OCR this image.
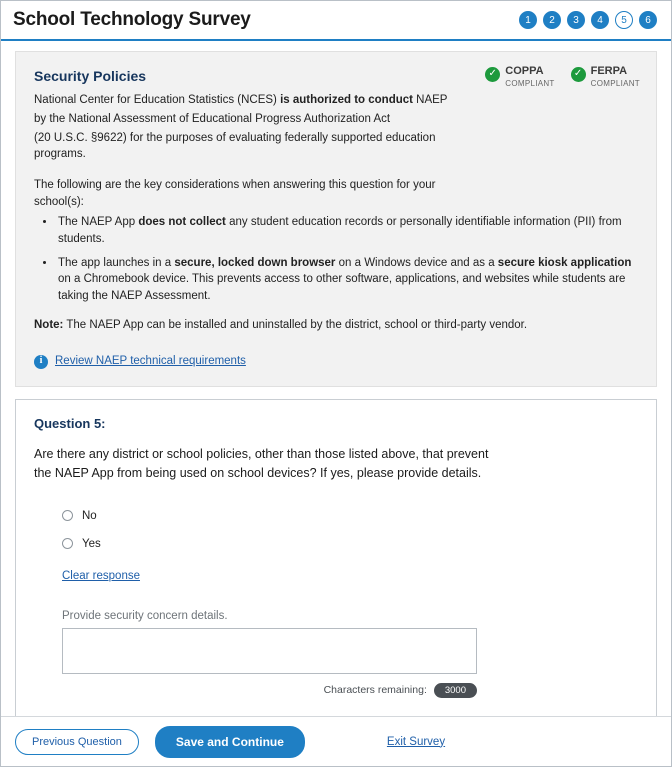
School Technology Survey	1	2	3	4	5	6
✓ COPPA
COMPLIANT
✓ FERPA
COMPLIANT
Security Policies
National Center for Education Statistics (NCES) is authorized to conduct NAEP
by the National Assessment of Educational Progress Authorization Act
(20 U.S.C. §9622) for the purposes of evaluating federally supported education programs.
The following are the key considerations when answering this question for your school(s):
• The NAEP App does not collect any student education records or personally identifiable information (PII) from students.
• The app launches in a secure, locked down browser on a Windows device and as a secure kiosk application on a Chromebook device. This prevents access to other software, applications, and websites while students are taking the NAEP Assessment.
Note: The NAEP App can be installed and uninstalled by the district, school or third-party vendor.
i	Review NAEP technical requirements
Question 5:
Are there any district or school policies, other than those listed above, that prevent
the NAEP App from being used on school devices? If yes, please provide details.
No
Yes
Clear response
Provide security concern details.
Characters remaining:	3000
Previous Question	Save and Continue	Exit Survey
